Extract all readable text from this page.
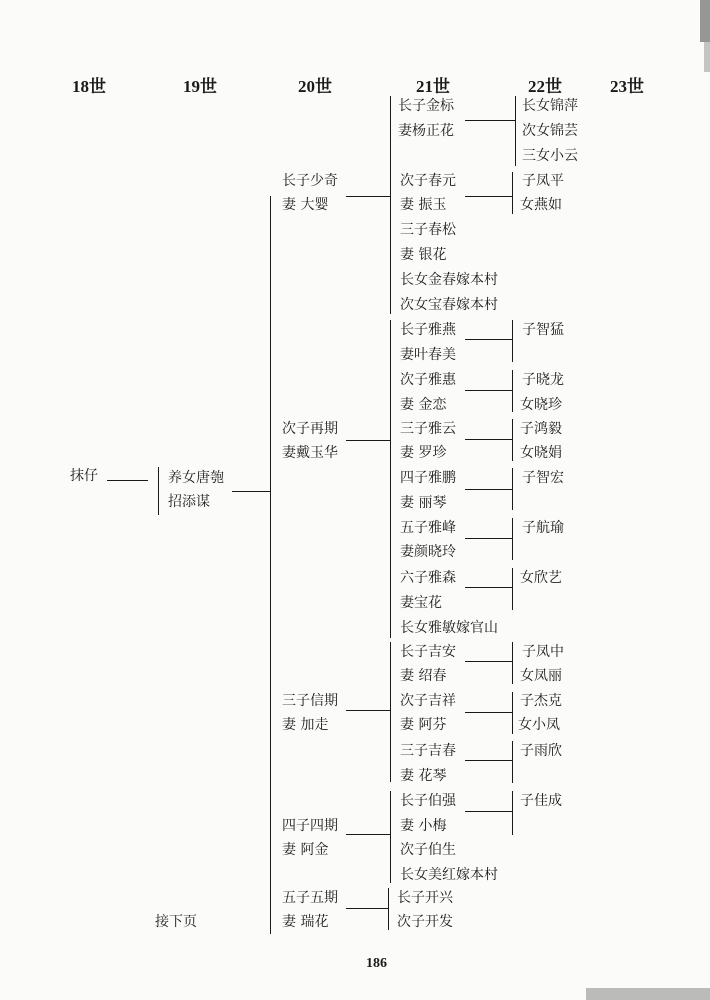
18世	19世	20世	21世	22世	23世
抹仔	养女唐匏
招添谋
接下页
长子少奇
妻 大婴
次子再期
妻戴玉华
三子信期
妻 加走
四子四期
妻 阿金
五子五期
妻 瑞花
长子金标
妻杨正花
次子春元
妻 振玉
三子春松
妻 银花
长女金春嫁本村
次女宝春嫁本村
长子雅燕
妻叶春美
次子雅惠
妻 金恋
三子雅云
妻 罗珍
四子雅鹏
妻 丽琴
五子雅峰
妻颜晓玲
六子雅森
妻宝花
长女雅敏嫁官山
长子吉安
妻 绍春
次子吉祥
妻 阿芬
三子吉春
妻 花琴
长子伯强
妻 小梅
次子伯生
长女美红嫁本村
长子开兴
次子开发
长女锦萍
次女锦芸
三女小云
子凤平
女燕如
子智猛
子晓龙
女晓珍
子鸿毅
女晓娟
子智宏
子航瑜
女欣艺
子凤中
女凤丽
子杰克
女小凤
子雨欣
子佳成
186
